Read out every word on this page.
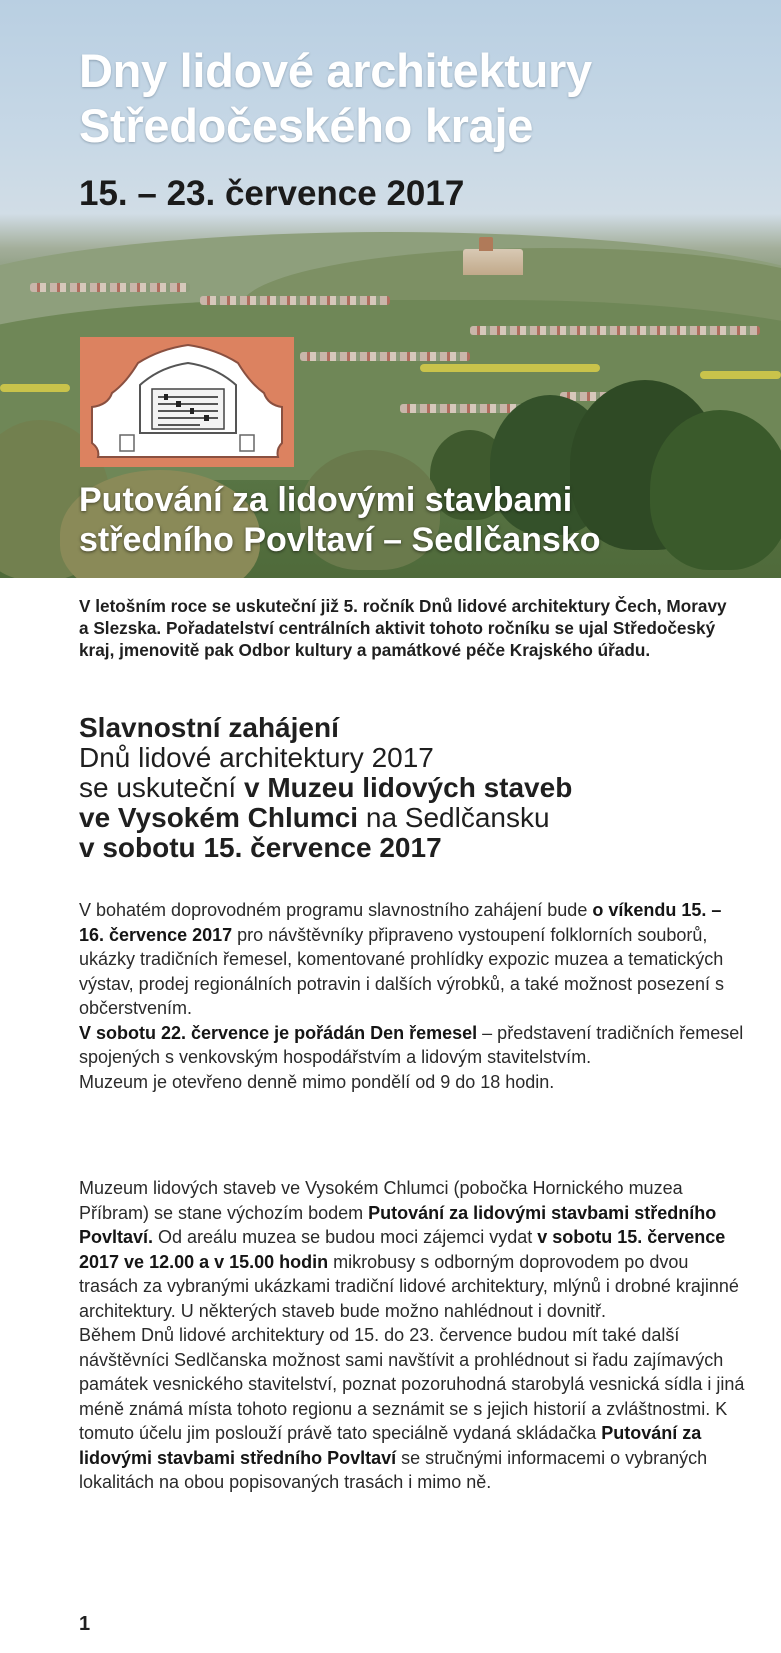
Dny lidové architektury
Středočeského kraje

15. – 23. července 2017

Putování za lidovými stavbami
středního Povltaví – Sedlčansko

V letošním roce se uskuteční již 5. ročník Dnů lidové architektury Čech, Moravy a Slezska. Pořadatelství centrálních aktivit tohoto ročníku se ujal Středočeský kraj, jmenovitě pak Odbor kultury a památkové péče Krajského úřadu.

Slavnostní zahájení
Dnů lidové architektury 2017
se uskuteční v Muzeu lidových staveb
ve Vysokém Chlumci na Sedlčansku
v sobotu 15. července 2017

V bohatém doprovodném programu slavnostního zahájení bude o víkendu 15. – 16. července 2017 pro návštěvníky připraveno vystoupení folklorních souborů, ukázky tradičních řemesel, komentované prohlídky expozic muzea a tematických výstav, prodej regionálních potravin i dalších výrobků, a také možnost posezení s občerstvením.

V sobotu 22. července je pořádán Den řemesel – představení tradičních řemesel spojených s venkovským hospodářstvím a lidovým stavitelstvím.

Muzeum je otevřeno denně mimo pondělí od 9 do 18 hodin.

Muzeum lidových staveb ve Vysokém Chlumci (pobočka Hornického muzea Příbram) se stane výchozím bodem Putování za lidovými stavbami středního Povltaví. Od areálu muzea se budou moci zájemci vydat v sobotu 15. července 2017 ve 12.00 a v 15.00 hodin mikrobusy s odborným doprovodem po dvou trasách za vybranými ukázkami tradiční lidové architektury, mlýnů i drobné krajinné architektury. U některých staveb bude možno nahlédnout i dovnitř.

Během Dnů lidové architektury od 15. do 23. července budou mít také další návštěvníci Sedlčanska možnost sami navštívit a prohlédnout si řadu zajímavých památek vesnického stavitelství, poznat pozoruhodná starobylá vesnická sídla i jiná méně známá místa tohoto regionu a seznámit se s jejich historií a zvláštnostmi. K tomuto účelu jim poslouží právě tato speciálně vydaná skládačka Putování za lidovými stavbami středního Povltaví se stručnými informacemi o vybraných lokalitách na obou popisovaných trasách i mimo ně.

1
